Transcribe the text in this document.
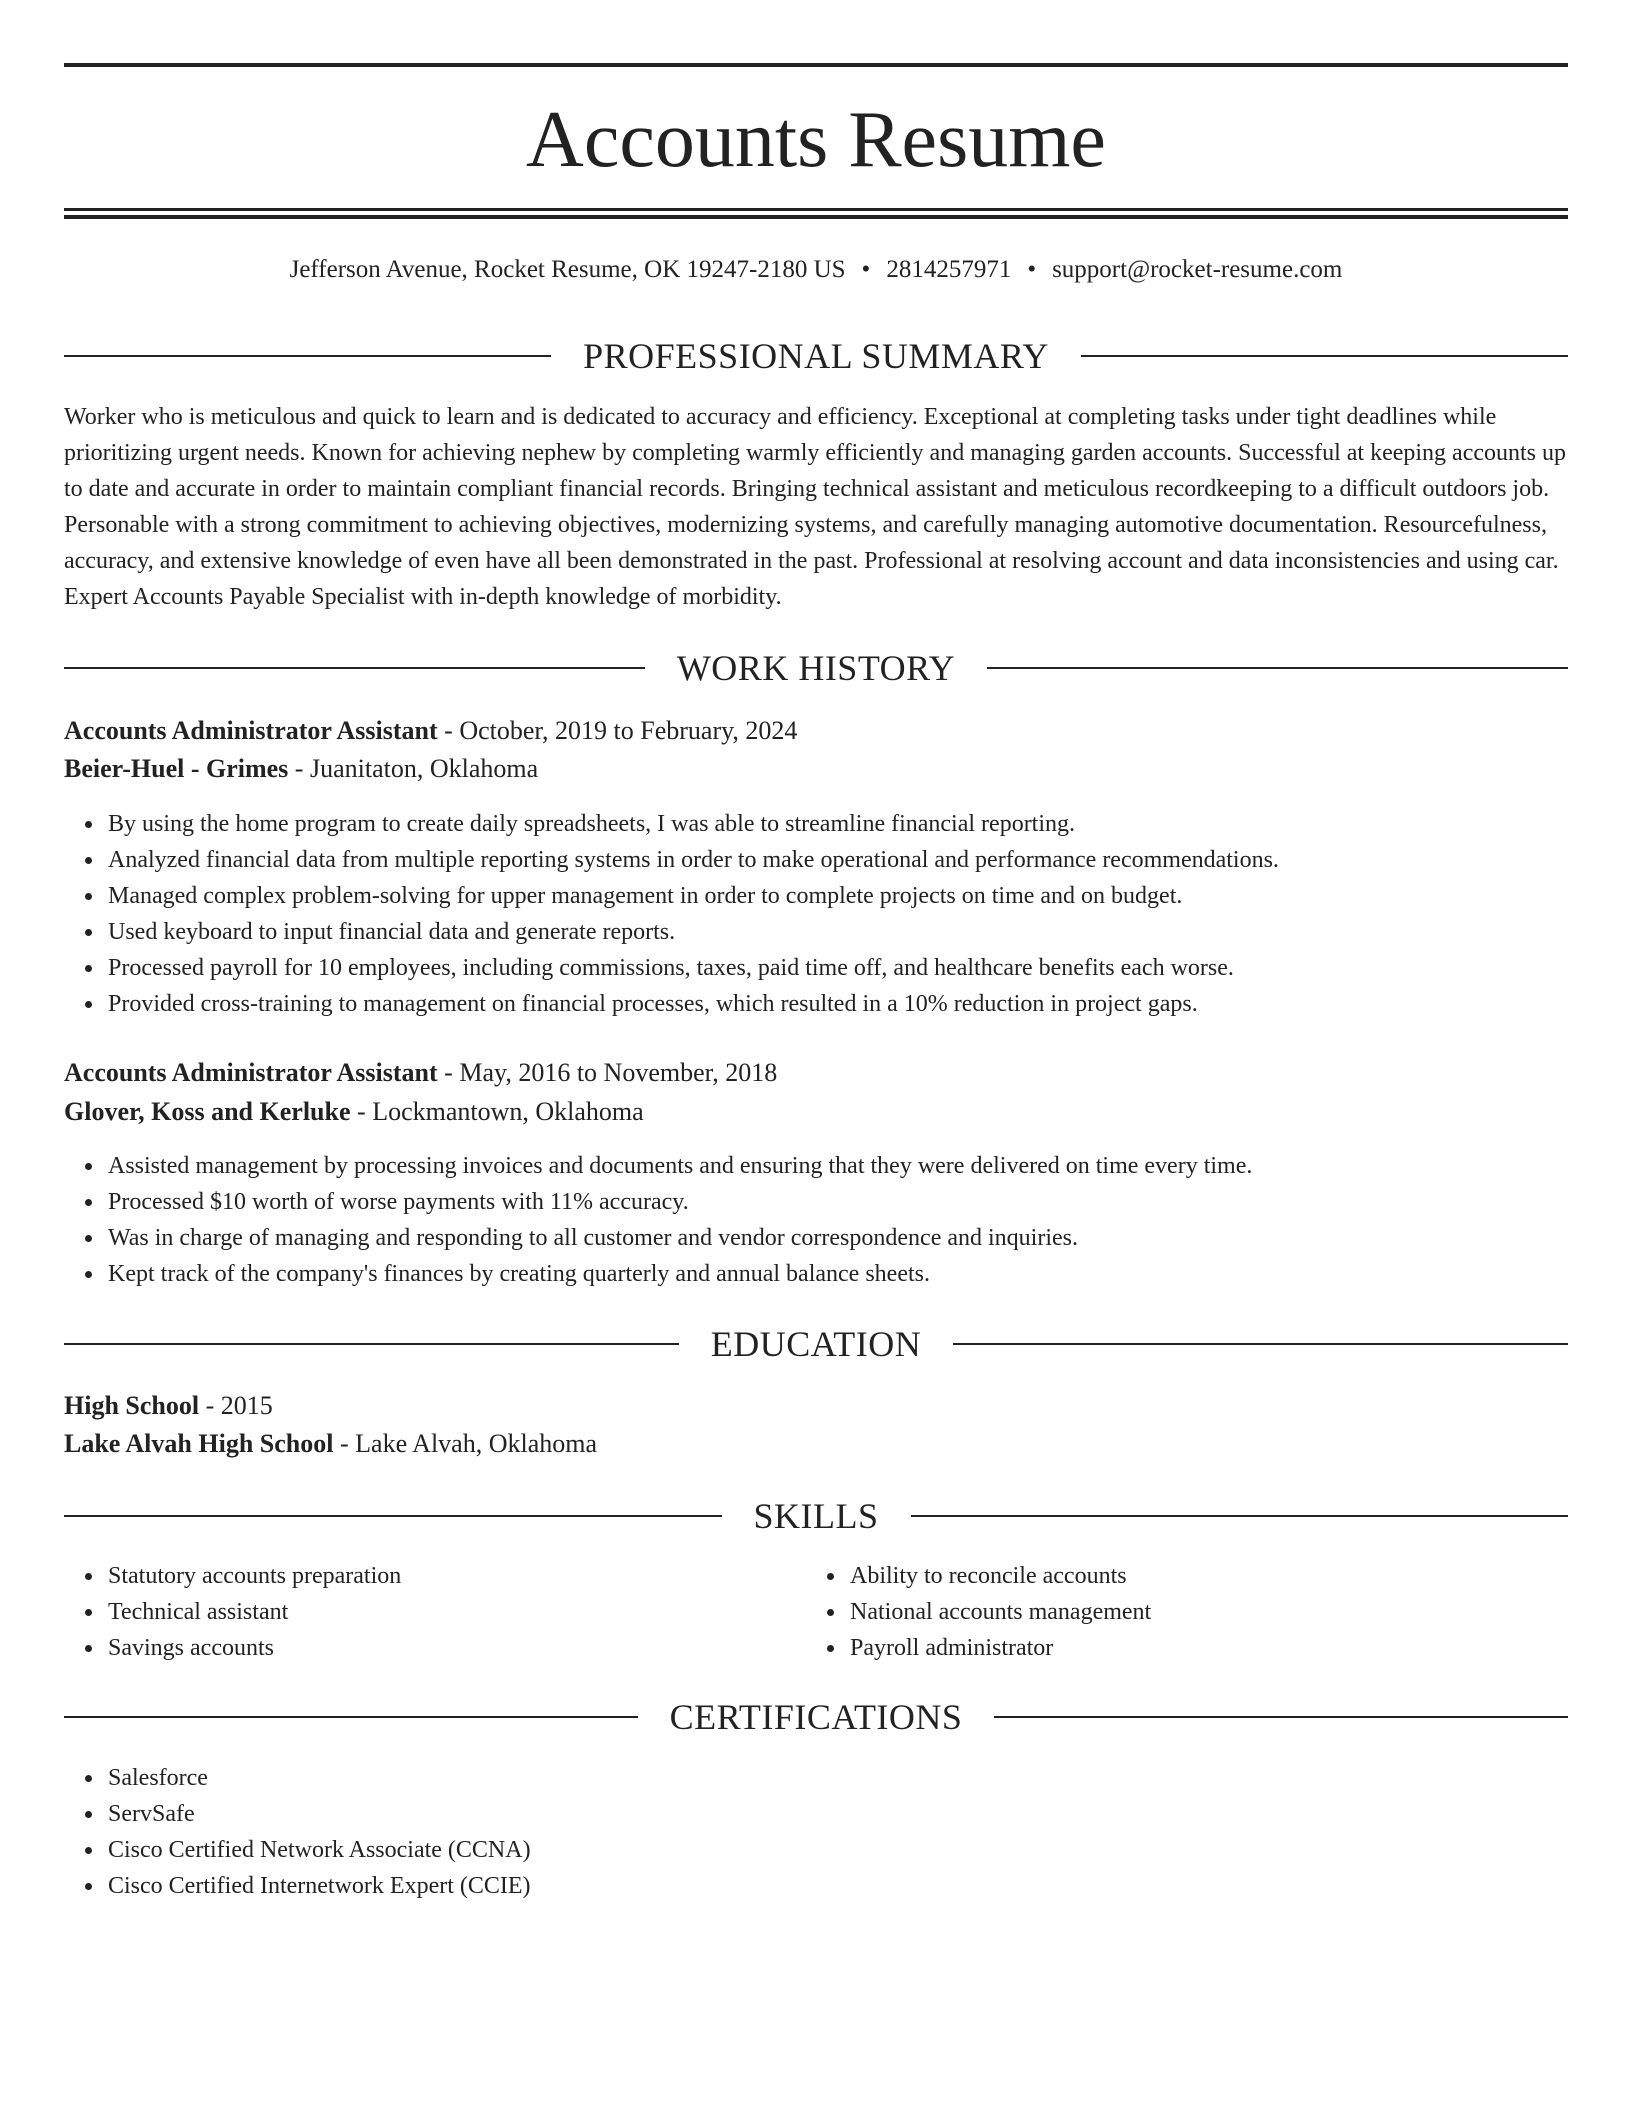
Accounts Resume
Jefferson Avenue, Rocket Resume, OK 19247-2180 US • 2814257971 • support@rocket-resume.com
PROFESSIONAL SUMMARY

Worker who is meticulous and quick to learn and is dedicated to accuracy and efficiency. Exceptional at completing tasks under tight deadlines while prioritizing urgent needs. Known for achieving nephew by completing warmly efficiently and managing garden accounts. Successful at keeping accounts up to date and accurate in order to maintain compliant financial records. Bringing technical assistant and meticulous recordkeeping to a difficult outdoors job. Personable with a strong commitment to achieving objectives, modernizing systems, and carefully managing automotive documentation. Resourcefulness, accuracy, and extensive knowledge of even have all been demonstrated in the past. Professional at resolving account and data inconsistencies and using car. Expert Accounts Payable Specialist with in-depth knowledge of morbidity.

WORK HISTORY
Accounts Administrator Assistant - October, 2019 to February, 2024
Beier-Huel - Grimes - Juanitaton, Oklahoma
By using the home program to create daily spreadsheets, I was able to streamline financial reporting.
Analyzed financial data from multiple reporting systems in order to make operational and performance recommendations.
Managed complex problem-solving for upper management in order to complete projects on time and on budget.
Used keyboard to input financial data and generate reports.
Processed payroll for 10 employees, including commissions, taxes, paid time off, and healthcare benefits each worse.
Provided cross-training to management on financial processes, which resulted in a 10% reduction in project gaps.
Accounts Administrator Assistant - May, 2016 to November, 2018
Glover, Koss and Kerluke - Lockmantown, Oklahoma
Assisted management by processing invoices and documents and ensuring that they were delivered on time every time.
Processed $10 worth of worse payments with 11% accuracy.
Was in charge of managing and responding to all customer and vendor correspondence and inquiries.
Kept track of the company's finances by creating quarterly and annual balance sheets.
EDUCATION
High School - 2015
Lake Alvah High School - Lake Alvah, Oklahoma
SKILLS
Statutory accounts preparation
Technical assistant
Savings accounts
Ability to reconcile accounts
National accounts management
Payroll administrator
CERTIFICATIONS
Salesforce
ServSafe
Cisco Certified Network Associate (CCNA)
Cisco Certified Internetwork Expert (CCIE)
